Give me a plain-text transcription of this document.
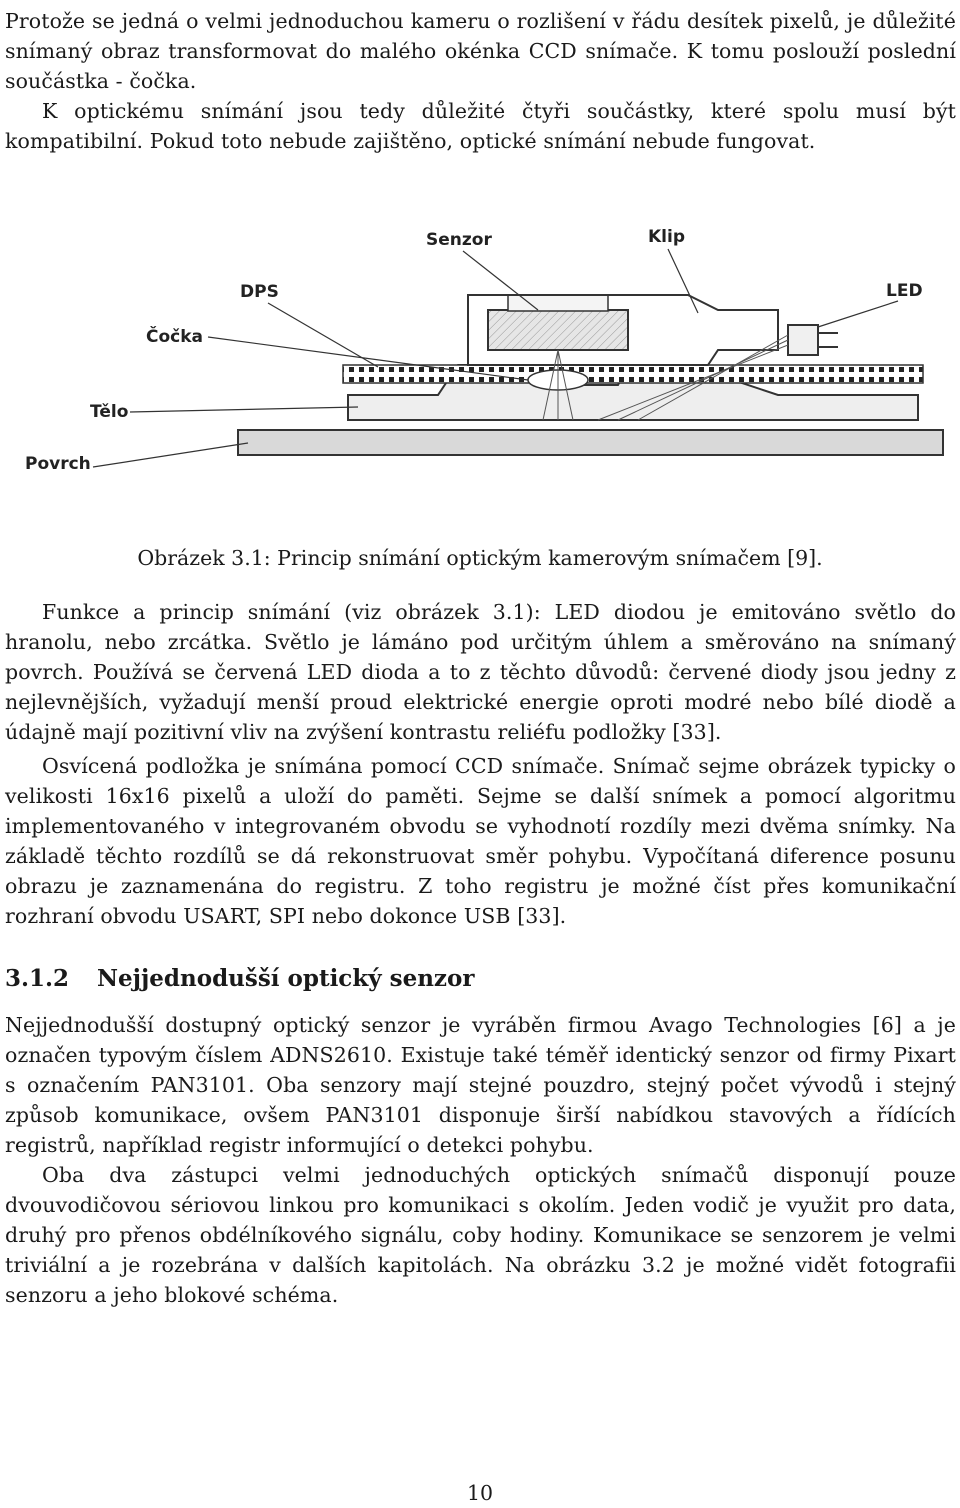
Protože se jedná o velmi jednoduchou kameru o rozlišení v řádu desítek pixelů, je důležité snímaný obraz transformovat do malého okénka CCD snímače. K tomu poslouží poslední součástka - čočka.
K optickému snímání jsou tedy důležité čtyři součástky, které spolu musí být kompatibilní. Pokud toto nebude zajištěno, optické snímání nebude fungovat.
Senzor	Klip
DPS	LED
Čočka
Tělo
Povrch
Obrázek 3.1: Princip snímání optickým kamerovým snímačem [9].
Funkce a princip snímání (viz obrázek 3.1): LED diodou je emitováno světlo do hranolu, nebo zrcátka. Světlo je lámáno pod určitým úhlem a směrováno na snímaný povrch. Používá se červená LED dioda a to z těchto důvodů: červené diody jsou jedny z nejlevnějších, vyžadují menší proud elektrické energie oproti modré nebo bílé diodě a údajně mají pozitivní vliv na zvýšení kontrastu reliéfu podložky [33].
Osvícená podložka je snímána pomocí CCD snímače. Snímač sejme obrázek typicky o velikosti 16x16 pixelů a uloží do paměti. Sejme se další snímek a pomocí algoritmu implementovaného v integrovaném obvodu se vyhodnotí rozdíly mezi dvěma snímky. Na základě těchto rozdílů se dá rekonstruovat směr pohybu. Vypočítaná diference posunu obrazu je zaznamenána do registru. Z toho registru je možné číst přes komunikační rozhraní obvodu USART, SPI nebo dokonce USB [33].
3.1.2 Nejjednodušší optický senzor
Nejjednodušší dostupný optický senzor je vyráběn firmou Avago Technologies [6] a je označen typovým číslem ADNS2610. Existuje také téměř identický senzor od firmy Pixart s označením PAN3101. Oba senzory mají stejné pouzdro, stejný počet vývodů i stejný způsob komunikace, ovšem PAN3101 disponuje širší nabídkou stavových a řídících registrů, například registr informující o detekci pohybu.
Oba dva zástupci velmi jednoduchých optických snímačů disponují pouze dvouvodičovou sériovou linkou pro komunikaci s okolím. Jeden vodič je využit pro data, druhý pro přenos obdélníkového signálu, coby hodiny. Komunikace se senzorem je velmi triviální a je rozebrána v dalších kapitolách. Na obrázku 3.2 je možné vidět fotografii senzoru a jeho blokové schéma.
10
